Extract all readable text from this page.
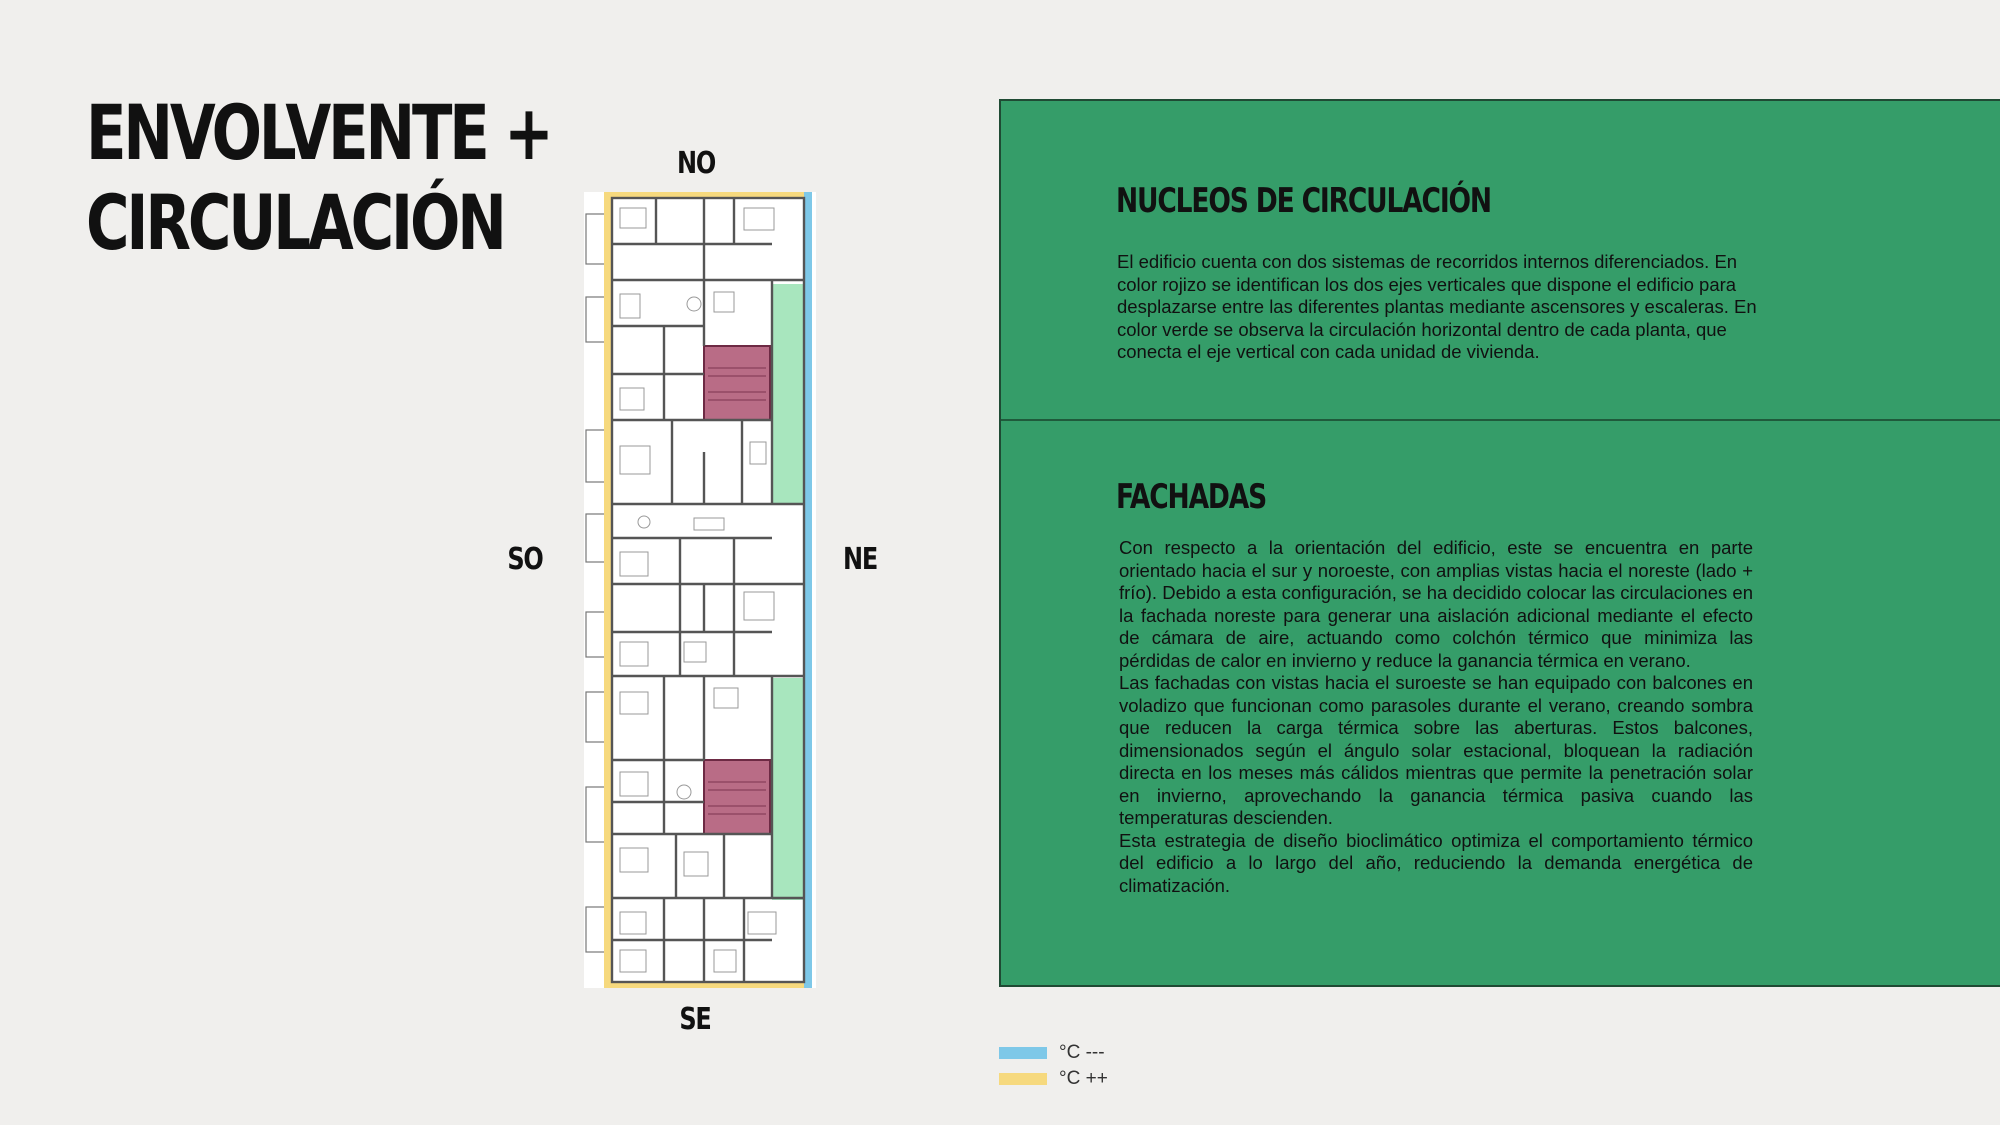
ENVOLVENTE +
CIRCULACIÓN
NO
SE
SO	NE
NUCLEOS DE CIRCULACIÓN
El edificio cuenta con dos sistemas de recorridos internos diferenciados. En color rojizo se identifican los dos ejes verticales que dispone el edificio para desplazarse entre las diferentes plantas mediante ascensores y escaleras. En color verde se observa la circulación horizontal dentro de cada planta, que conecta el eje vertical con cada unidad de vivienda.
FACHADAS

Con respecto a la orientación del edificio, este se encuentra en parte orientado hacia el sur y noroeste, con amplias vistas hacia el noreste (lado + frío). Debido a esta configuración, se ha decidido colocar las circulaciones en la fachada noreste para generar una aislación adicional mediante el efecto de cámara de aire, actuando como colchón térmico que minimiza las pérdidas de calor en invierno y reduce la ganancia térmica en verano.

Las fachadas con vistas hacia el suroeste se han equipado con balcones en voladizo que funcionan como parasoles durante el verano, creando sombra que reducen la carga térmica sobre las aberturas. Estos balcones, dimensionados según el ángulo solar estacional, bloquean la radiación directa en los meses más cálidos mientras que permite la penetración solar en invierno, aprovechando la ganancia térmica pasiva cuando las temperaturas descienden.

Esta estrategia de diseño bioclimático optimiza el comportamiento térmico del edificio a lo largo del año, reduciendo la demanda energética de climatización.

°C ---
°C ++
